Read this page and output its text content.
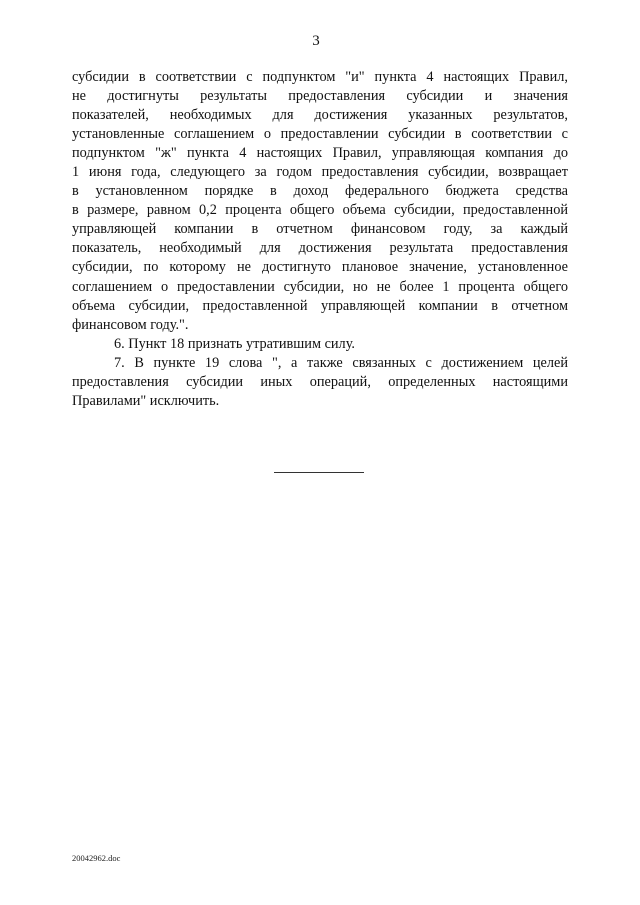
3
субсидии в соответствии с подпунктом "и" пункта 4 настоящих Правил,
не достигнуты результаты предоставления субсидии и значения
показателей, необходимых для достижения указанных результатов,
установленные соглашением о предоставлении субсидии в соответствии с
подпунктом "ж" пункта 4 настоящих Правил, управляющая компания до
1 июня года, следующего за годом предоставления субсидии, возвращает
в установленном порядке в доход федерального бюджета средства
в размере, равном 0,2 процента общего объема субсидии, предоставленной
управляющей компании в отчетном финансовом году, за каждый
показатель, необходимый для достижения результата предоставления
субсидии, по которому не достигнуто плановое значение, установленное
соглашением о предоставлении субсидии, но не более 1 процента общего
объема субсидии, предоставленной управляющей компании в отчетном
финансовом году.".
6. Пункт 18 признать утратившим силу.
7. В пункте 19 слова ", а также связанных с достижением целей
предоставления субсидии иных операций, определенных настоящими
Правилами" исключить.
20042962.doc
